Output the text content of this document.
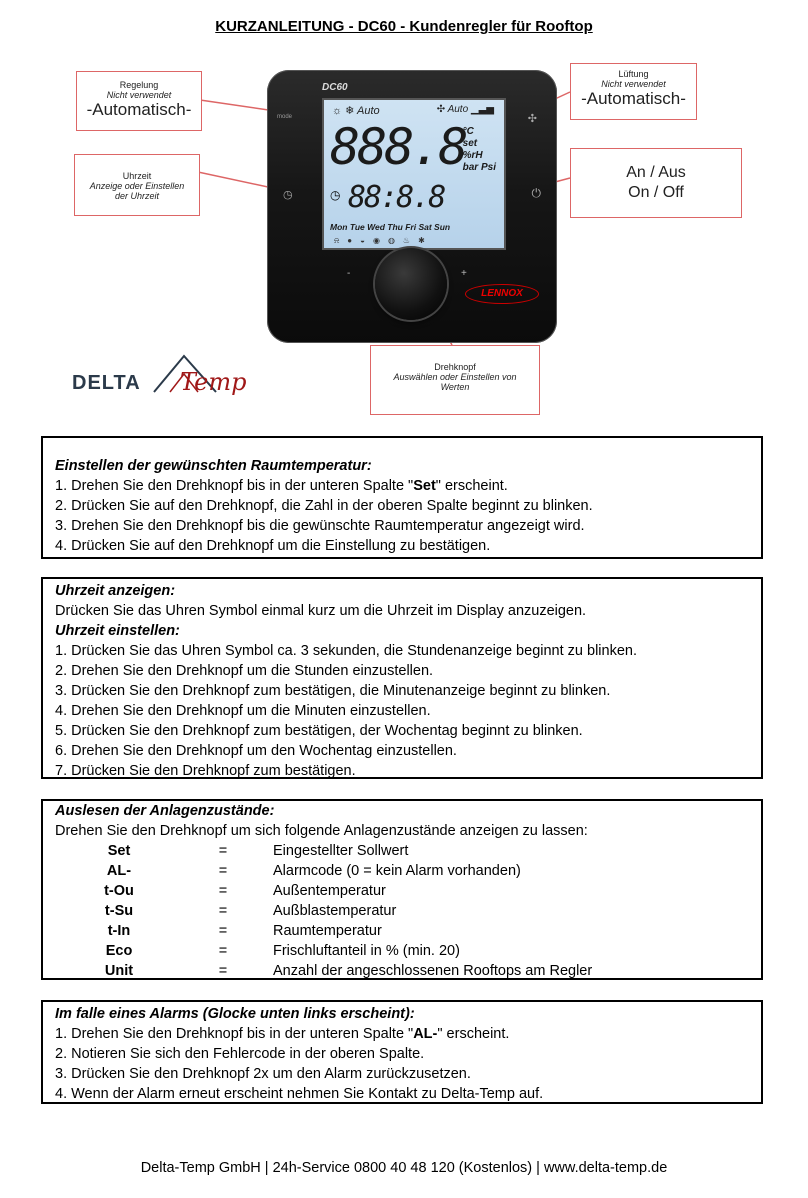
KURZANLEITUNG - DC60 - Kundenregler für Rooftop
DC60
mode	✣
☼ ❄ Auto	✣ Auto ▁▃▅
888.8
°C
set
%rH
bar Psi
◷ 88:8.8
Mon Tue Wed Thu Fri Sat Sun
⍾●◒◉◍♨✱
◷	⏻
-	+
LENNOX
Regelung
Nicht verwendet
-Automatisch-
Lüftung
Nicht verwendet
-Automatisch-
Uhrzeit
Anzeige oder Einstellen der Uhrzeit
An / Aus
On / Off
Drehknopf
Auswählen oder Einstellen von Werten
DELTA Temp
Einstellen der gewünschten Raumtemperatur:
1. Drehen Sie den Drehknopf bis in der unteren Spalte "Set" erscheint.
2. Drücken Sie auf den Drehknopf, die Zahl in der oberen Spalte beginnt zu blinken.
3. Drehen Sie den Drehknopf bis die gewünschte Raumtemperatur angezeigt wird.
4. Drücken Sie auf den Drehknopf um die Einstellung zu bestätigen.
Uhrzeit anzeigen:
Drücken Sie das Uhren Symbol einmal kurz um die Uhrzeit im Display anzuzeigen.
Uhrzeit einstellen:
1. Drücken Sie das Uhren Symbol ca. 3 sekunden, die Stundenanzeige beginnt zu blinken.
2. Drehen Sie den Drehknopf um die Stunden einzustellen.
3. Drücken Sie den Drehknopf zum bestätigen, die Minutenanzeige beginnt zu blinken.
4. Drehen Sie den Drehknopf um die Minuten einzustellen.
5. Drücken Sie den Drehknopf zum bestätigen, der Wochentag beginnt zu blinken.
6. Drehen Sie den Drehknopf um den Wochentag einzustellen.
7. Drücken Sie den Drehknopf zum bestätigen.
Auslesen der Anlagenzustände:
Drehen Sie den Drehknopf um sich folgende Anlagenzustände anzeigen zu lassen:
Set	=	Eingestellter Sollwert
AL-	=	Alarmcode (0 = kein Alarm vorhanden)
t-Ou	=	Außentemperatur
t-Su	=	Außblastemperatur
t-In	=	Raumtemperatur
Eco	=	Frischluftanteil in % (min. 20)
Unit	=	Anzahl der angeschlossenen Rooftops am Regler
Im falle eines Alarms (Glocke unten links erscheint):
1. Drehen Sie den Drehknopf bis in der unteren Spalte "AL-" erscheint.
2. Notieren Sie sich den Fehlercode in der oberen Spalte.
3. Drücken Sie den Drehknopf 2x um den Alarm zurückzusetzen.
4. Wenn der Alarm erneut erscheint nehmen Sie Kontakt zu Delta-Temp auf.
Delta-Temp GmbH | 24h-Service 0800 40 48 120 (Kostenlos) | www.delta-temp.de
